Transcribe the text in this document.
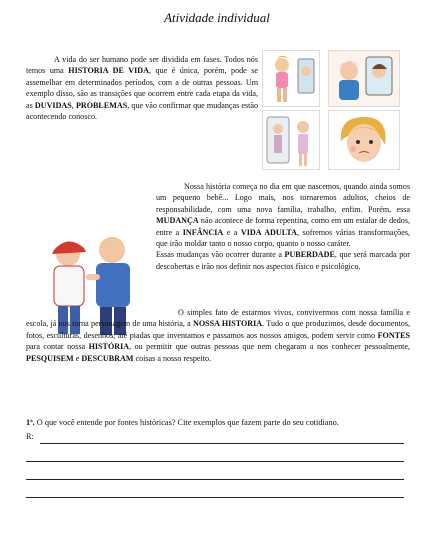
Atividade individual

A vida do ser humano pode ser dividida em fases. Todos nós temos uma HISTORIA DE VIDA, que é única, porém, pode se assemelhar em determinados períodos, com a de outras pessoas. Um exemplo disso, são as transições que ocorrem entre cada etapa da vida, as DUVIDAS, PROBLEMAS, que vão confirmar que mudanças estão acontecendo conosco.

Nossa história começa no dia em que nascemos, quando ainda somos um pequeno bebê... Logo mais, nos tornaremos adultos, cheios de responsabilidade, com uma nova família, trabalho, enfim. Porém, essa MUDANÇA não acontece de forma repentina, como em um estalar de dedos, entre a INFÂNCIA e a VIDA ADULTA, sofremos várias transformações, que irão moldar tanto o nosso corpo, quanto o nosso caráter.

Essas mudanças vão ocorrer durante a PUBERDADE, que será marcada por descobertas e irão nos definir nos aspectos físico e psicológico.

O simples fato de estarmos vivos, convivermos com nossa família e escola, já nos torna personagem de uma história, a NOSSA HISTORIA. Tudo o que produzimos, desde documentos, fotos, esculturas, desenhos, até piadas que inventamos e passamos aos nossos amigos, podem servir como FONTES para contar nossa HISTÓRIA, ou permitir que outras pessoas que nem chegaram a nos conhecer pessoalmente, PESQUISEM e DESCUBRAM coisas a nosso respeito.

1ª. O que você entende por fontes históricas? Cite exemplos que fazem parte do seu cotidiano.
R:
